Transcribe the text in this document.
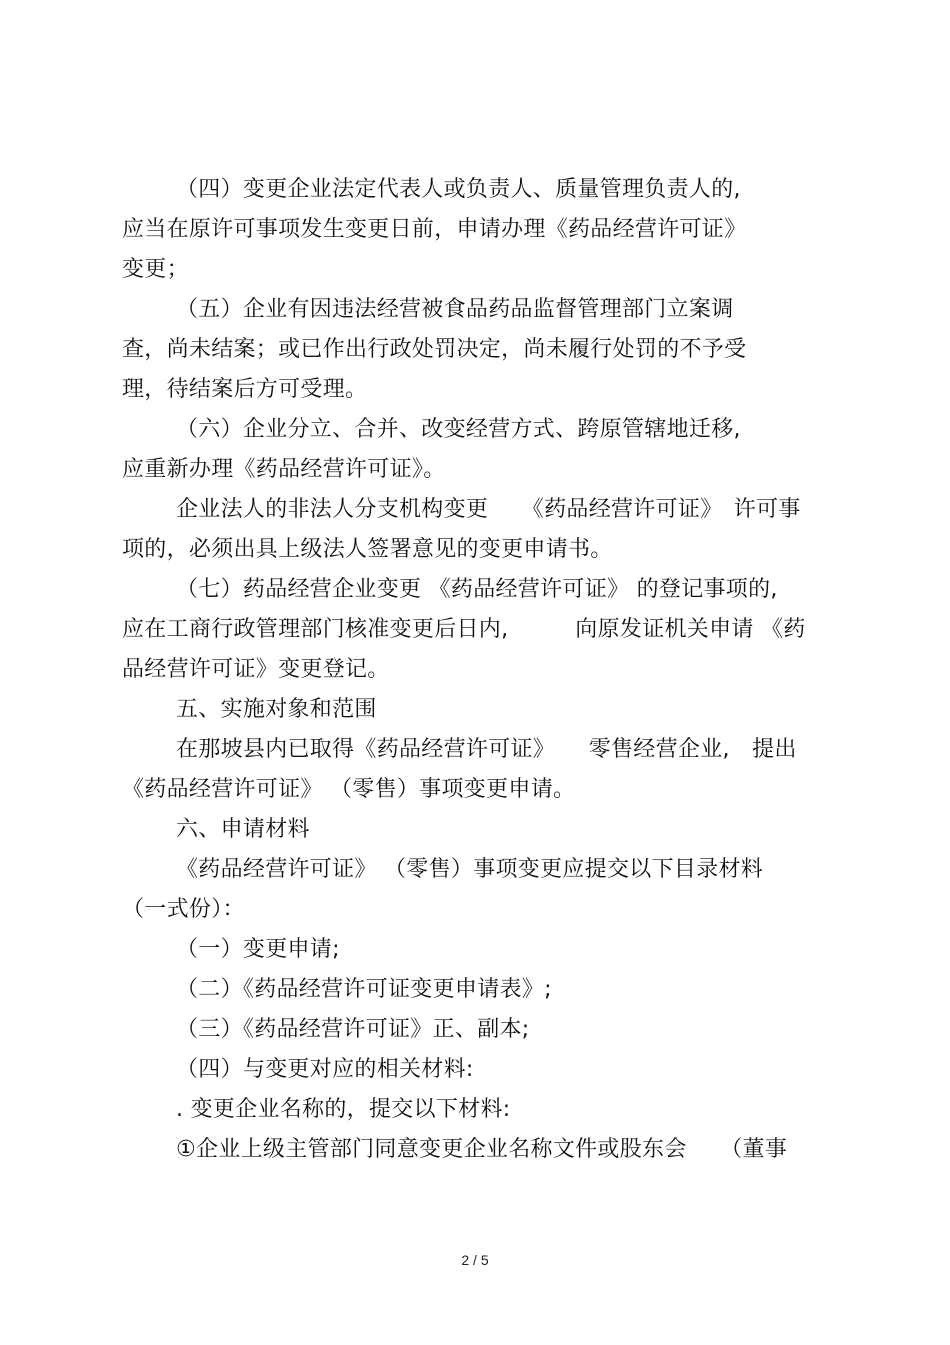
（四）变更企业法定代表人或负责人、质量管理负责人的,
应当在原许可事项发生变更日前，申请办理《药品经营许可证》
变更；
（五）企业有因违法经营被食品药品监督管理部门立案调
查，尚未结案；或已作出行政处罚决定，尚未履行处罚的不予受
理，待结案后方可受理。
（六）企业分立、合并、改变经营方式、跨原管辖地迁移,
应重新办理《药品经营许可证》。
企业法人的非法人分支机构变更　　《药品经营许可证》　许可事
项的，必须出具上级法人签署意见的变更申请书。
（七）药品经营企业变更 《药品经营许可证》 的登记事项的,
应在工商行政管理部门核准变更后日内,　　　向原发证机关申请 《药
品经营许可证》变更登记。
五、实施对象和范围
在那坡县内已取得《药品经营许可证》　　零售经营企业,　提出
《药品经营许可证》 （零售）事项变更申请。
六、申请材料
《药品经营许可证》 （零售）事项变更应提交以下目录材料
（一式份）：
（一）变更申请;
（二）《药品经营许可证变更申请表》;
（三）《药品经营许可证》正、副本;
（四）与变更对应的相关材料:
. 变更企业名称的，提交以下材料:
①企业上级主管部门同意变更企业名称文件或股东会　　（董事
2 / 5
